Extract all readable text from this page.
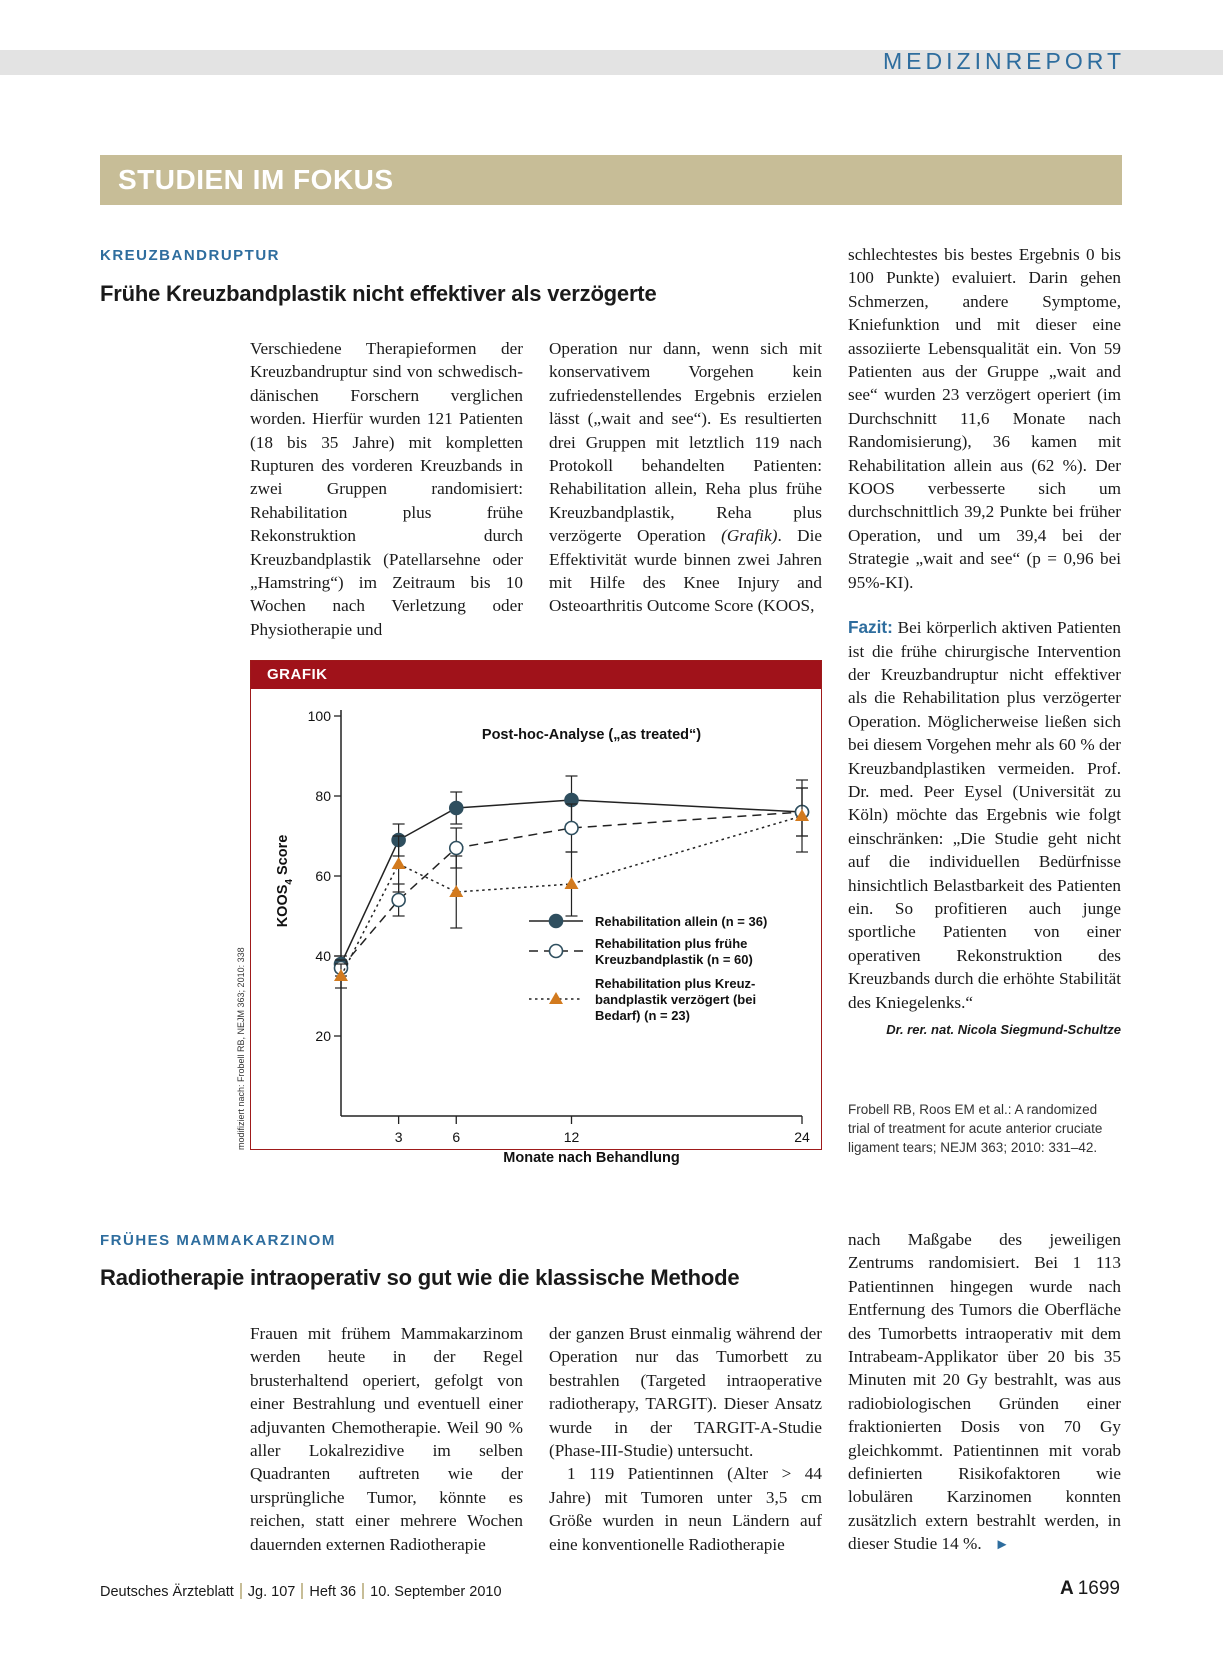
MEDIZINREPORT
STUDIEN IM FOKUS
KREUZBANDRUPTUR
Frühe Kreuzbandplastik nicht effektiver als verzögerte

Verschiedene Therapieformen der Kreuzbandruptur sind von schwedisch-dänischen Forschern verglichen worden. Hierfür wurden 121 Patienten (18 bis 35 Jahre) mit kompletten Rupturen des vorderen Kreuzbands in zwei Gruppen randomisiert: Rehabilitation plus frühe Rekonstruktion durch Kreuzbandplastik (Patellarsehne oder „Hamstring“) im Zeitraum bis 10 Wochen nach Verletzung oder Physiotherapie und

Operation nur dann, wenn sich mit konservativem Vorgehen kein zufriedenstellendes Ergebnis erzielen lässt („wait and see“). Es resultierten drei Gruppen mit letztlich 119 nach Protokoll behandelten Patienten: Rehabilitation allein, Reha plus frühe Kreuzbandplastik, Reha plus verzögerte Operation (Grafik). Die Effektivität wurde binnen zwei Jahren mit Hilfe des Knee Injury and Osteoarthritis Outcome Score (KOOS,

schlechtestes bis bestes Ergebnis 0 bis 100 Punkte) evaluiert. Darin gehen Schmerzen, andere Symptome, Kniefunktion und mit dieser eine assoziierte Lebensqualität ein. Von 59 Patienten aus der Gruppe „wait and see“ wurden 23 verzögert operiert (im Durchschnitt 11,6 Monate nach Randomisierung), 36 kamen mit Rehabilitation allein aus (62 %). Der KOOS verbesserte sich um durchschnittlich 39,2 Punkte bei früher Operation, und um 39,4 bei der Strategie „wait and see“ (p = 0,96 bei 95%-KI).

Fazit: Bei körperlich aktiven Patienten ist die frühe chirurgische Intervention der Kreuzbandruptur nicht effektiver als die Rehabilitation plus verzögerter Operation. Möglicherweise ließen sich bei diesem Vorgehen mehr als 60 % der Kreuzbandplastiken vermeiden. Prof. Dr. med. Peer Eysel (Universität zu Köln) möchte das Ergebnis wie folgt einschränken: „Die Studie geht nicht auf die individuellen Bedürfnisse hinsichtlich Belastbarkeit des Patienten ein. So profitieren auch junge sportliche Patienten von einer operativen Rekonstruktion des Kreuzbands durch die erhöhte Stabilität des Kniegelenks.“

Dr. rer. nat. Nicola Siegmund-Schultze
Frobell RB, Roos EM et al.: A randomized trial of treatment for acute anterior cruciate ligament tears; NEJM 363; 2010: 331–42.
GRAFIK
20
40
60
80
100
3	6	12	24
Monate nach Behandlung
Post-hoc-Analyse („as treated“)
$KOOS_4$ Score
Rehabilitation allein (n = 36)
Rehabilitation plus frühe
Kreuzbandplastik (n = 60)
Rehabilitation plus Kreuz-
bandplastik verzögert (bei
Bedarf) (n = 23)
modifiziert nach: Frobell RB, NEJM 363; 2010: 338
FRÜHES MAMMAKARZINOM
Radiotherapie intraoperativ so gut wie die klassische Methode

Frauen mit frühem Mammakarzinom werden heute in der Regel brusterhaltend operiert, gefolgt von einer Bestrahlung und eventuell einer adjuvanten Chemotherapie. Weil 90 % aller Lokalrezidive im selben Quadranten auftreten wie der ursprüngliche Tumor, könnte es reichen, statt einer mehrere Wochen dauernden externen Radiotherapie

der ganzen Brust einmalig während der Operation nur das Tumorbett zu bestrahlen (Targeted intraoperative radiotherapy, TARGIT). Dieser Ansatz wurde in der TARGIT-A-Studie (Phase-III-Studie) untersucht.

1 119 Patientinnen (Alter > 44 Jahre) mit Tumoren unter 3,5 cm Größe wurden in neun Ländern auf eine konventionelle Radiotherapie

nach Maßgabe des jeweiligen Zentrums randomisiert. Bei 1 113 Patientinnen hingegen wurde nach Entfernung des Tumors die Oberfläche des Tumorbetts intraoperativ mit dem Intrabeam-Applikator über 20 bis 35 Minuten mit 20 Gy bestrahlt, was aus radiobiologischen Gründen einer fraktionierten Dosis von 70 Gy gleichkommt. Patientinnen mit vorab definierten Risikofaktoren wie lobulären Karzinomen konnten zusätzlich extern bestrahlt werden, in dieser Studie 14 %. ►

Deutsches Ärzteblatt Jg. 107 Heft 36 10. September 2010	A 1699
